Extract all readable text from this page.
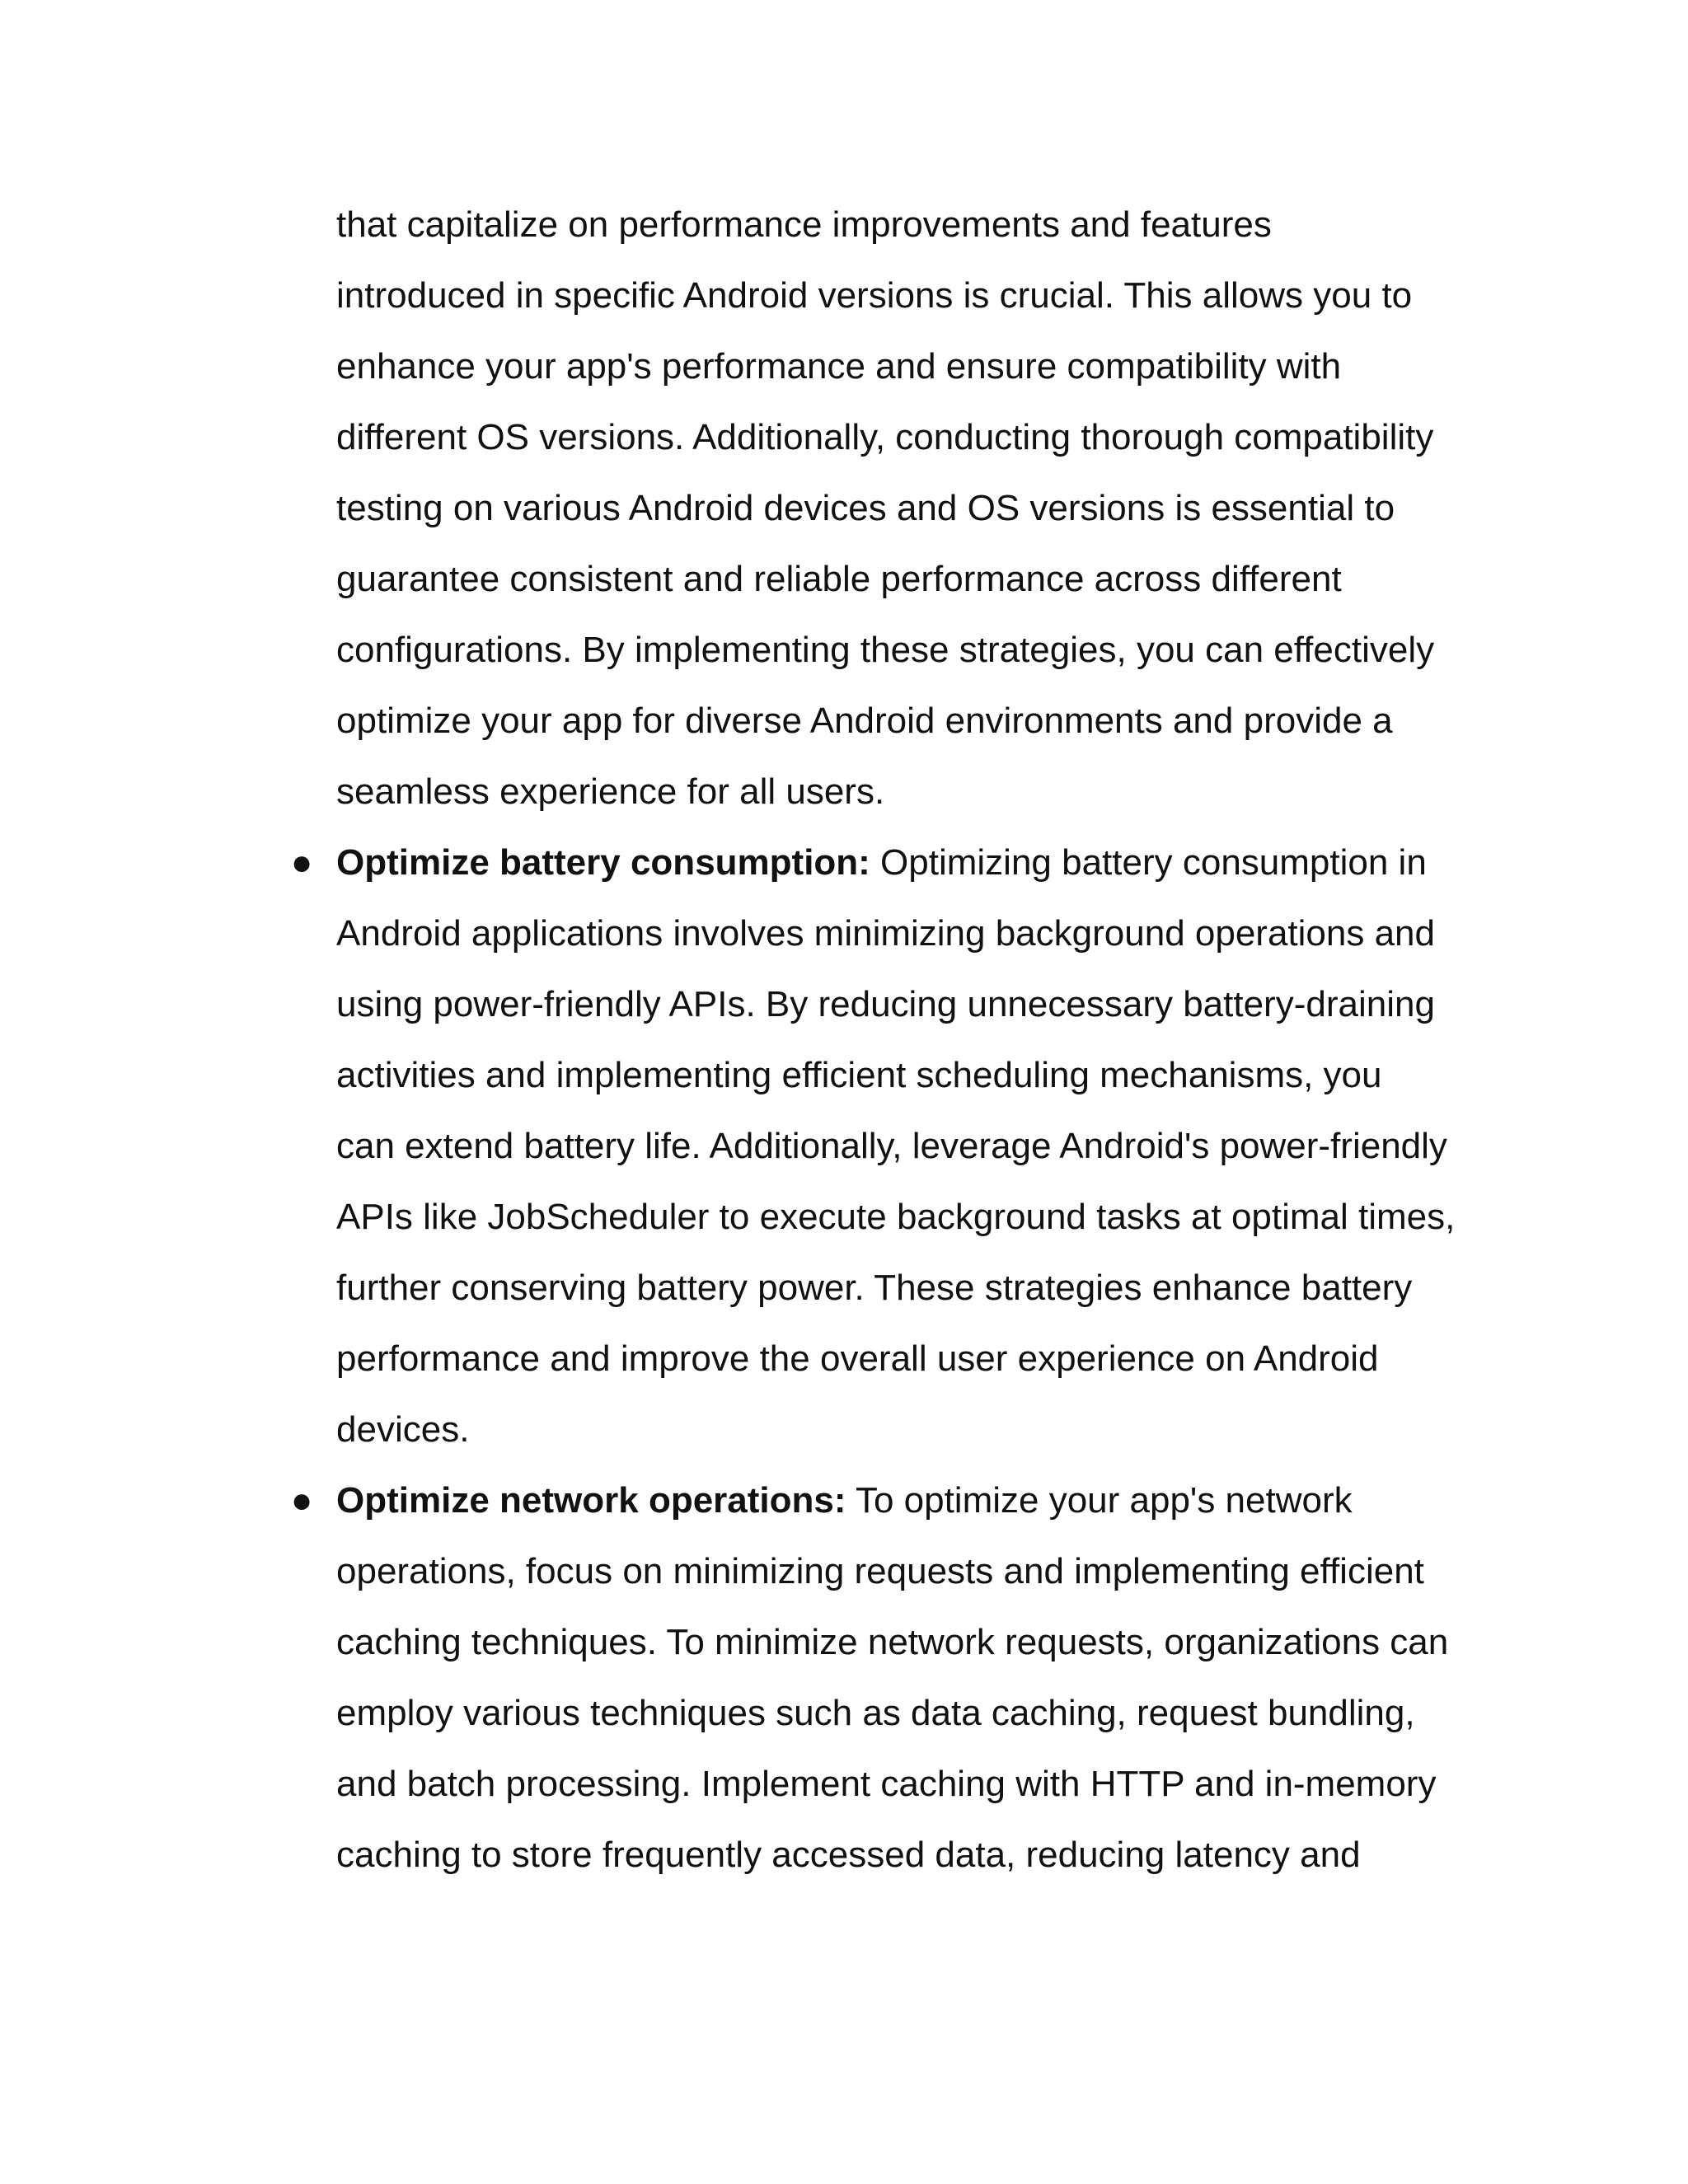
that capitalize on performance improvements and features
introduced in specific Android versions is crucial. This allows you to
enhance your app's performance and ensure compatibility with
different OS versions. Additionally, conducting thorough compatibility
testing on various Android devices and OS versions is essential to
guarantee consistent and reliable performance across different
configurations. By implementing these strategies, you can effectively
optimize your app for diverse Android environments and provide a
seamless experience for all users.
● Optimize battery consumption: Optimizing battery consumption in
Android applications involves minimizing background operations and
using power-friendly APIs. By reducing unnecessary battery-draining
activities and implementing efficient scheduling mechanisms, you
can extend battery life. Additionally, leverage Android's power-friendly
APIs like JobScheduler to execute background tasks at optimal times,
further conserving battery power. These strategies enhance battery
performance and improve the overall user experience on Android
devices.
● Optimize network operations: To optimize your app's network
operations, focus on minimizing requests and implementing efficient
caching techniques. To minimize network requests, organizations can
employ various techniques such as data caching, request bundling,
and batch processing. Implement caching with HTTP and in-memory
caching to store frequently accessed data, reducing latency and
